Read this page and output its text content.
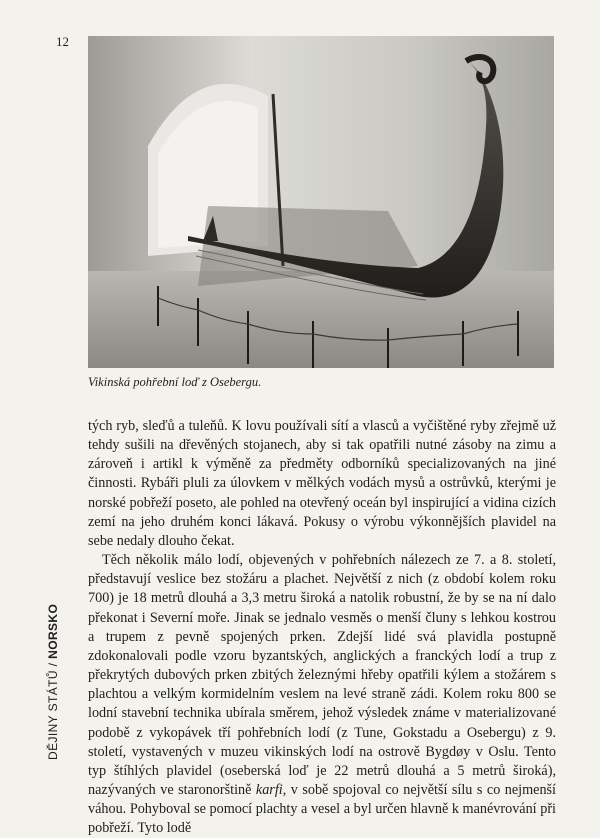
12
Vikinská pohřební loď z Osebergu.

tých ryb, sleďů a tuleňů. K lovu používali sítí a vlasců a vyčištěné ryby zřejmě už tehdy sušili na dřevěných stojanech, aby si tak opatřili nutné zásoby na zimu a zároveň i artikl k výměně za předměty odborníků specializovaných na jiné činnosti. Rybáři pluli za úlovkem v mělkých vodách mysů a ostrůvků, kterými je norské pobřeží poseto, ale pohled na otevřený oceán byl inspirující a vidina cizích zemí na jeho druhém konci lákavá. Pokusy o výrobu výkonnějších plavidel na sebe nedaly dlouho čekat.

Těch několik málo lodí, objevených v pohřebních nálezech ze 7. a 8. století, představují veslice bez stožáru a plachet. Největší z nich (z období kolem roku 700) je 18 metrů dlouhá a 3,3 metru široká a natolik robustní, že by se na ní dalo překonat i Severní moře. Jinak se jednalo vesměs o menší čluny s lehkou kostrou a trupem z pevně spojených prken. Zdejší lidé svá plavidla postupně zdokonalovali podle vzoru byzantských, anglických a franckých lodí a trup z překrytých dubových prken zbitých železnými hřeby opatřili kýlem a stožárem s plachtou a velkým kormidelním veslem na levé straně zádi. Kolem roku 800 se lodní stavební technika ubírala směrem, jehož výsledek známe v materializované podobě z vykopávek tří pohřebních lodí (z Tune, Gokstadu a Osebergu) z 9. století, vystavených v muzeu vikinských lodí na ostrově Bygdøy v Oslu. Tento typ štíhlých plavidel (oseberská loď je 22 metrů dlouhá a 5 metrů široká), nazývaných ve staronorštině karfi, v sobě spojoval co největší sílu s co nejmenší váhou. Pohyboval se pomocí plachty a vesel a byl určen hlavně k manévrování při pobřeží. Tyto lodě

DĚJINY STÁTŮ / NORSKO
